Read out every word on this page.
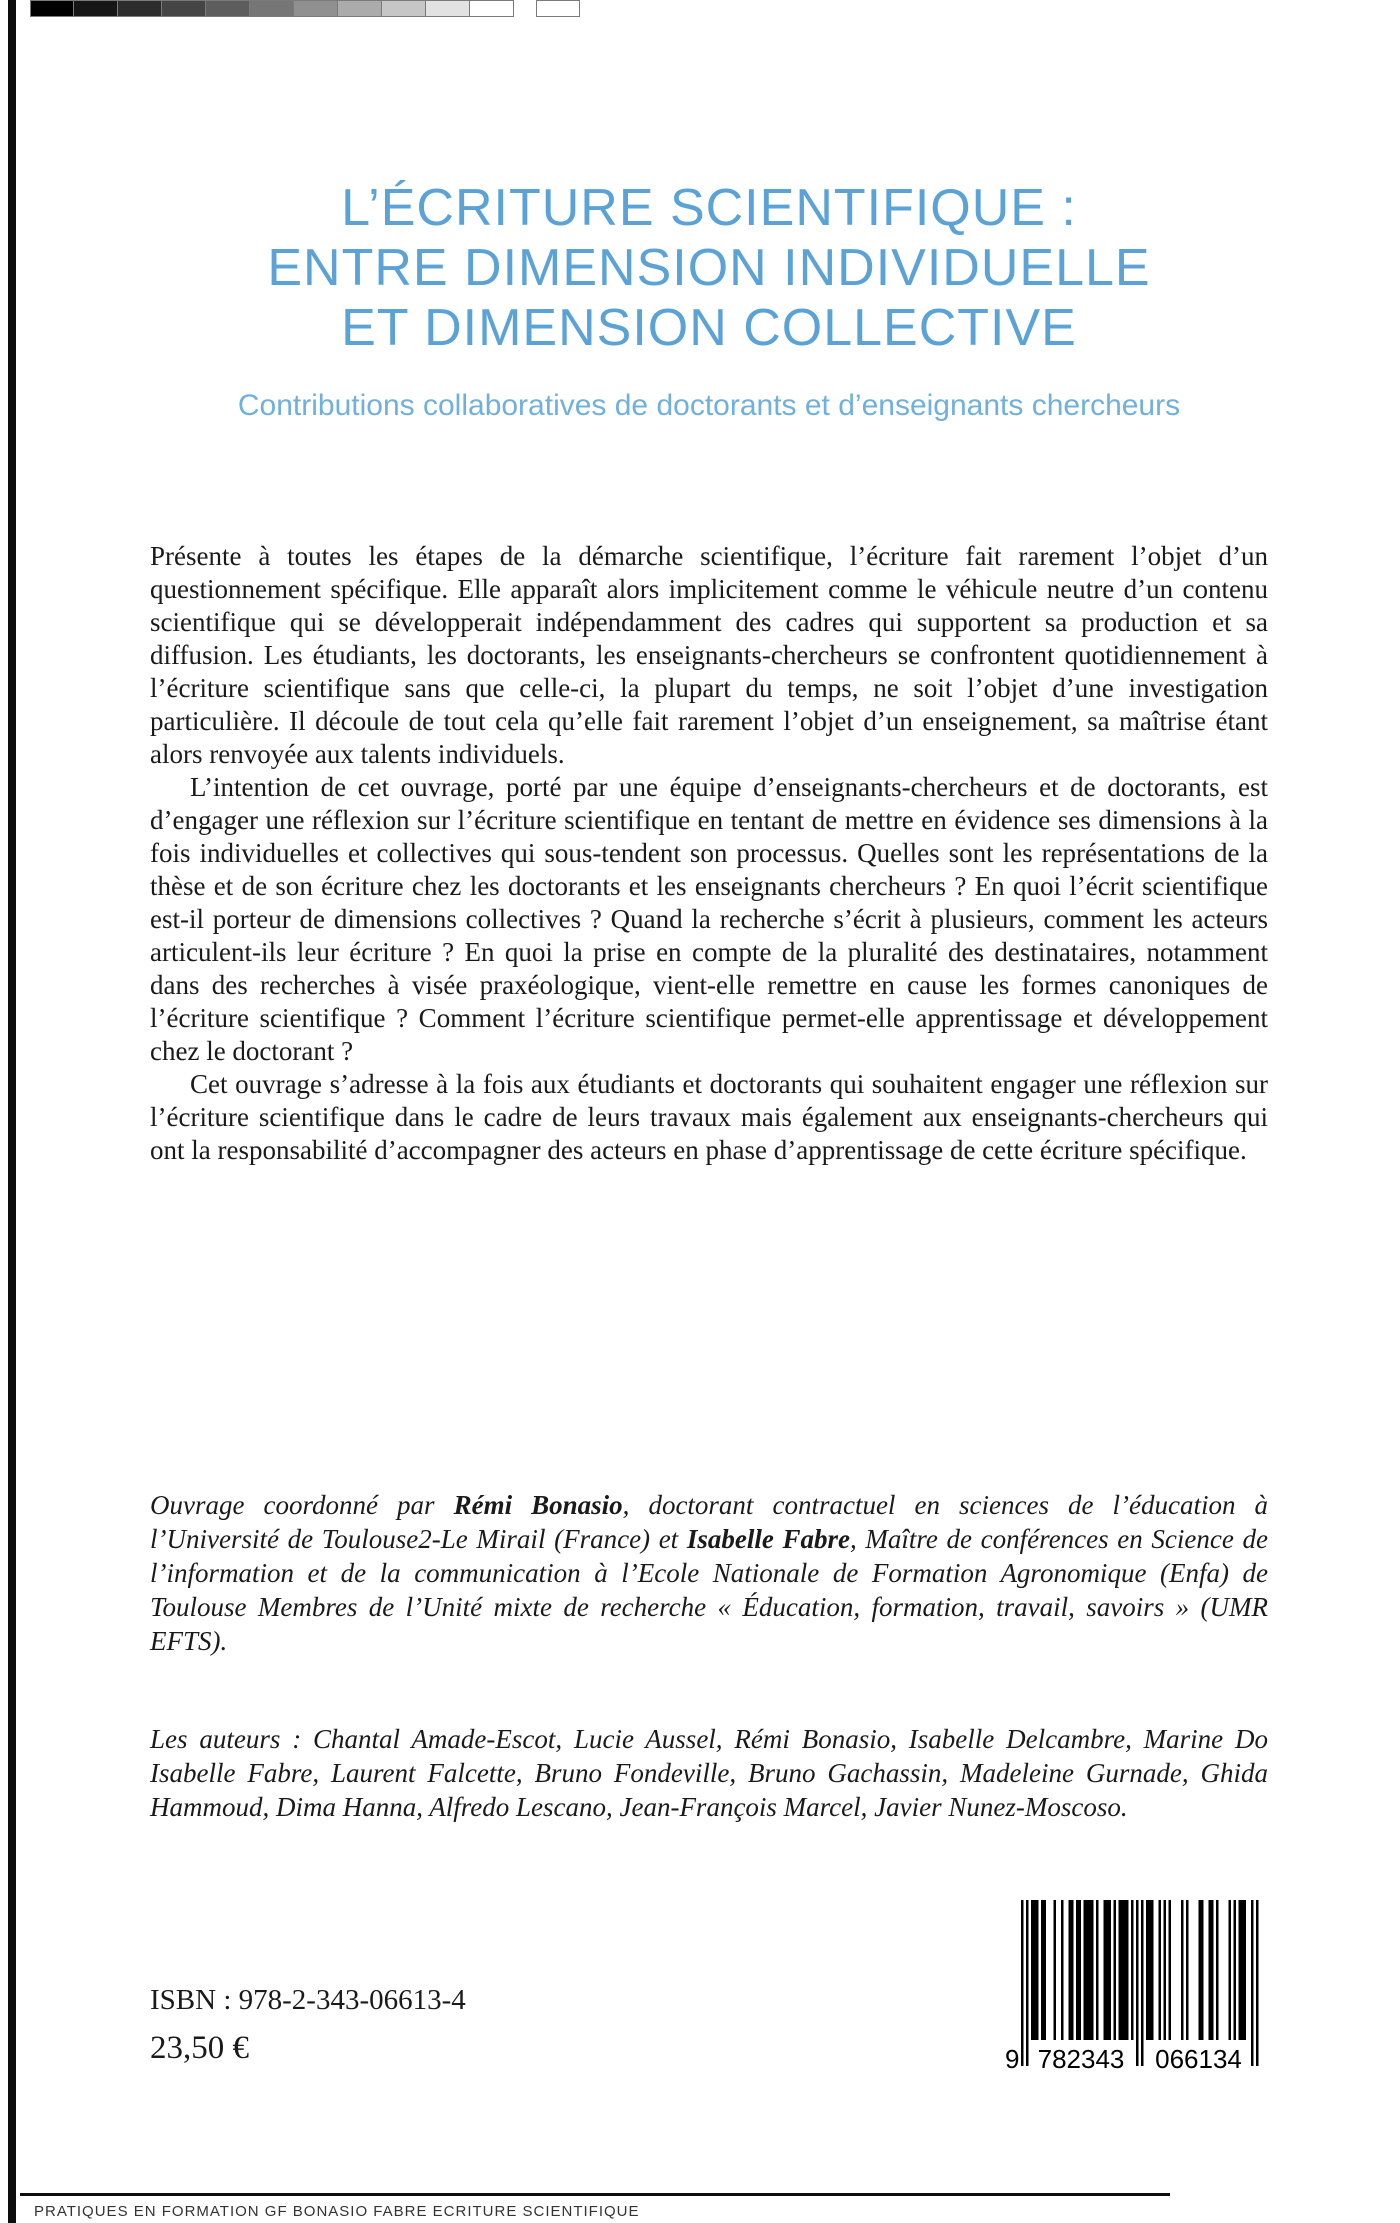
L’ÉCRITURE SCIENTIFIQUE :
ENTRE DIMENSION INDIVIDUELLE
ET DIMENSION COLLECTIVE

Contributions collaboratives de doctorants et d’enseignants chercheurs

Présente à toutes les étapes de la démarche scientifique, l’écriture fait rarement l’objet d’un questionnement spécifique. Elle apparaît alors implicitement comme le véhicule neutre d’un contenu scientifique qui se développerait indépendamment des cadres qui supportent sa production et sa diffusion. Les étudiants, les doctorants, les enseignants-chercheurs se confrontent quotidiennement à l’écriture scientifique sans que celle-ci, la plupart du temps, ne soit l’objet d’une investigation particulière. Il découle de tout cela qu’elle fait rarement l’objet d’un enseignement, sa maîtrise étant alors renvoyée aux talents individuels.

L’intention de cet ouvrage, porté par une équipe d’enseignants-chercheurs et de doctorants, est d’engager une réflexion sur l’écriture scientifique en tentant de mettre en évidence ses dimensions à la fois individuelles et collectives qui sous-tendent son processus. Quelles sont les représentations de la thèse et de son écriture chez les doctorants et les enseignants chercheurs ? En quoi l’écrit scientifique est-il porteur de dimensions collectives ? Quand la recherche s’écrit à plusieurs, comment les acteurs articulent-ils leur écriture ? En quoi la prise en compte de la pluralité des destinataires, notamment dans des recherches à visée praxéologique, vient-elle remettre en cause les formes canoniques de l’écriture scientifique ? Comment l’écriture scientifique permet-elle apprentissage et développement chez le doctorant ?

Cet ouvrage s’adresse à la fois aux étudiants et doctorants qui souhaitent engager une réflexion sur l’écriture scientifique dans le cadre de leurs travaux mais également aux enseignants-chercheurs qui ont la responsabilité d’accompagner des acteurs en phase d’apprentissage de cette écriture spécifique.

Ouvrage coordonné par Rémi Bonasio, doctorant contractuel en sciences de l’éducation à l’Université de Toulouse2-Le Mirail (France) et Isabelle Fabre, Maître de conférences en Science de l’information et de la communication à l’Ecole Nationale de Formation Agronomique (Enfa) de Toulouse Membres de l’Unité mixte de recherche « Éducation, formation, travail, savoirs » (UMR EFTS).

Les auteurs : Chantal Amade-Escot, Lucie Aussel, Rémi Bonasio, Isabelle Delcambre, Marine Do Isabelle Fabre, Laurent Falcette, Bruno Fondeville, Bruno Gachassin, Madeleine Gurnade, Ghida Hammoud, Dima Hanna, Alfredo Lescano, Jean-François Marcel, Javier Nunez-Moscoso.

ISBN : 978-2-343-06613-4
23,50 €	9 782343 066134
PRATIQUES EN FORMATION GF BONASIO FABRE ECRITURE SCIENTIFIQUE
